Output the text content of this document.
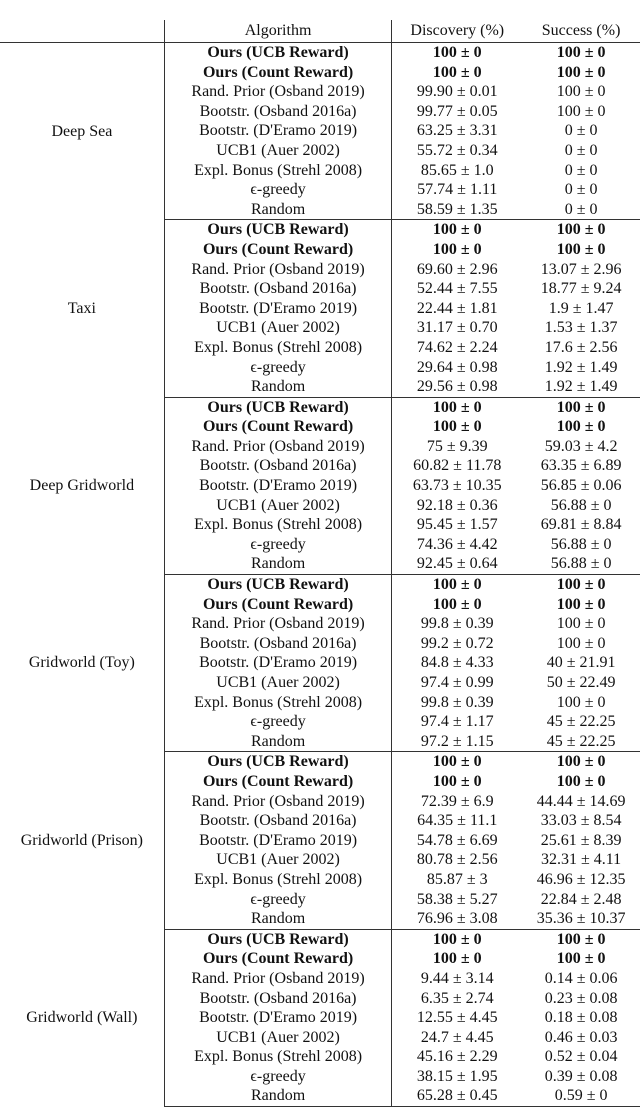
	Algorithm	Discovery (%)	Success (%)
Deep Sea	Ours (UCB Reward)	100 ± 0	100 ± 0
	Ours (Count Reward)	100 ± 0	100 ± 0
	Rand. Prior (Osband 2019)	99.90 ± 0.01	100 ± 0
	Bootstr. (Osband 2016a)	99.77 ± 0.05	100 ± 0
	Bootstr. (D'Eramo 2019)	63.25 ± 3.31	0 ± 0
	UCB1 (Auer 2002)	55.72 ± 0.34	0 ± 0
	Expl. Bonus (Strehl 2008)	85.65 ± 1.0	0 ± 0
	ϵ-greedy	57.74 ± 1.11	0 ± 0
	Random	58.59 ± 1.35	0 ± 0
Taxi	Ours (UCB Reward)	100 ± 0	100 ± 0
	Ours (Count Reward)	100 ± 0	100 ± 0
	Rand. Prior (Osband 2019)	69.60 ± 2.96	13.07 ± 2.96
	Bootstr. (Osband 2016a)	52.44 ± 7.55	18.77 ± 9.24
	Bootstr. (D'Eramo 2019)	22.44 ± 1.81	1.9 ± 1.47
	UCB1 (Auer 2002)	31.17 ± 0.70	1.53 ± 1.37
	Expl. Bonus (Strehl 2008)	74.62 ± 2.24	17.6 ± 2.56
	ϵ-greedy	29.64 ± 0.98	1.92 ± 1.49
	Random	29.56 ± 0.98	1.92 ± 1.49
Deep Gridworld	Ours (UCB Reward)	100 ± 0	100 ± 0
	Ours (Count Reward)	100 ± 0	100 ± 0
	Rand. Prior (Osband 2019)	75 ± 9.39	59.03 ± 4.2
	Bootstr. (Osband 2016a)	60.82 ± 11.78	63.35 ± 6.89
	Bootstr. (D'Eramo 2019)	63.73 ± 10.35	56.85 ± 0.06
	UCB1 (Auer 2002)	92.18 ± 0.36	56.88 ± 0
	Expl. Bonus (Strehl 2008)	95.45 ± 1.57	69.81 ± 8.84
	ϵ-greedy	74.36 ± 4.42	56.88 ± 0
	Random	92.45 ± 0.64	56.88 ± 0
Gridworld (Toy)	Ours (UCB Reward)	100 ± 0	100 ± 0
	Ours (Count Reward)	100 ± 0	100 ± 0
	Rand. Prior (Osband 2019)	99.8 ± 0.39	100 ± 0
	Bootstr. (Osband 2016a)	99.2 ± 0.72	100 ± 0
	Bootstr. (D'Eramo 2019)	84.8 ± 4.33	40 ± 21.91
	UCB1 (Auer 2002)	97.4 ± 0.99	50 ± 22.49
	Expl. Bonus (Strehl 2008)	99.8 ± 0.39	100 ± 0
	ϵ-greedy	97.4 ± 1.17	45 ± 22.25
	Random	97.2 ± 1.15	45 ± 22.25
Gridworld (Prison)	Ours (UCB Reward)	100 ± 0	100 ± 0
	Ours (Count Reward)	100 ± 0	100 ± 0
	Rand. Prior (Osband 2019)	72.39 ± 6.9	44.44 ± 14.69
	Bootstr. (Osband 2016a)	64.35 ± 11.1	33.03 ± 8.54
	Bootstr. (D'Eramo 2019)	54.78 ± 6.69	25.61 ± 8.39
	UCB1 (Auer 2002)	80.78 ± 2.56	32.31 ± 4.11
	Expl. Bonus (Strehl 2008)	85.87 ± 3	46.96 ± 12.35
	ϵ-greedy	58.38 ± 5.27	22.84 ± 2.48
	Random	76.96 ± 3.08	35.36 ± 10.37
Gridworld (Wall)	Ours (UCB Reward)	100 ± 0	100 ± 0
	Ours (Count Reward)	100 ± 0	100 ± 0
	Rand. Prior (Osband 2019)	9.44 ± 3.14	0.14 ± 0.06
	Bootstr. (Osband 2016a)	6.35 ± 2.74	0.23 ± 0.08
	Bootstr. (D'Eramo 2019)	12.55 ± 4.45	0.18 ± 0.08
	UCB1 (Auer 2002)	24.7 ± 4.45	0.46 ± 0.03
	Expl. Bonus (Strehl 2008)	45.16 ± 2.29	0.52 ± 0.04
	ϵ-greedy	38.15 ± 1.95	0.39 ± 0.08
	Random	65.28 ± 0.45	0.59 ± 0
